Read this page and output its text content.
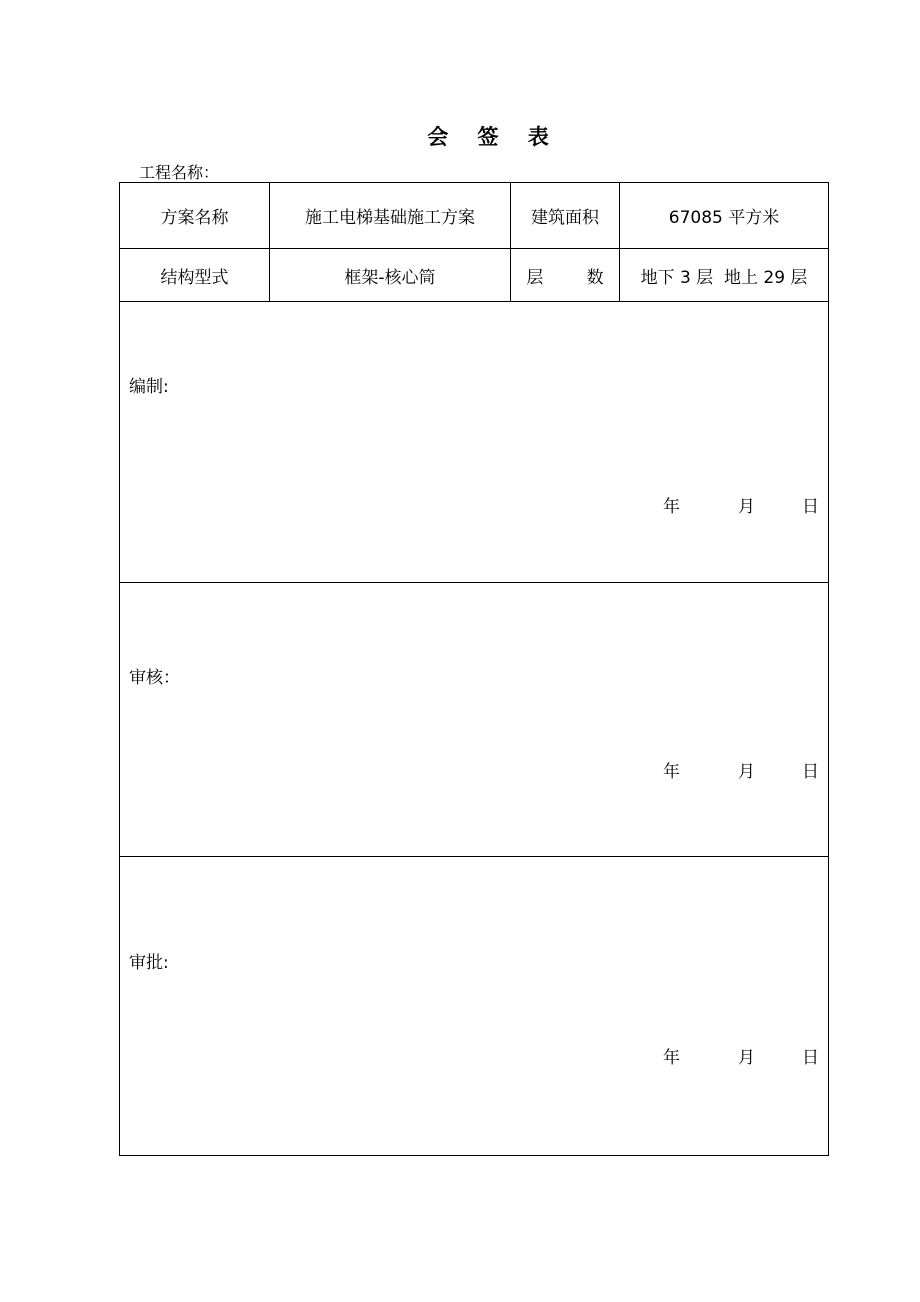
会    签    表
工程名称：
方案名称	施工电梯基础施工方案	建筑面积	67085 平方米
结构型式	框架-核心筒	层        数	地下 3 层  地上 29 层
编制:
年	月	日
审核：
年	月	日
审批:
年	月	日
